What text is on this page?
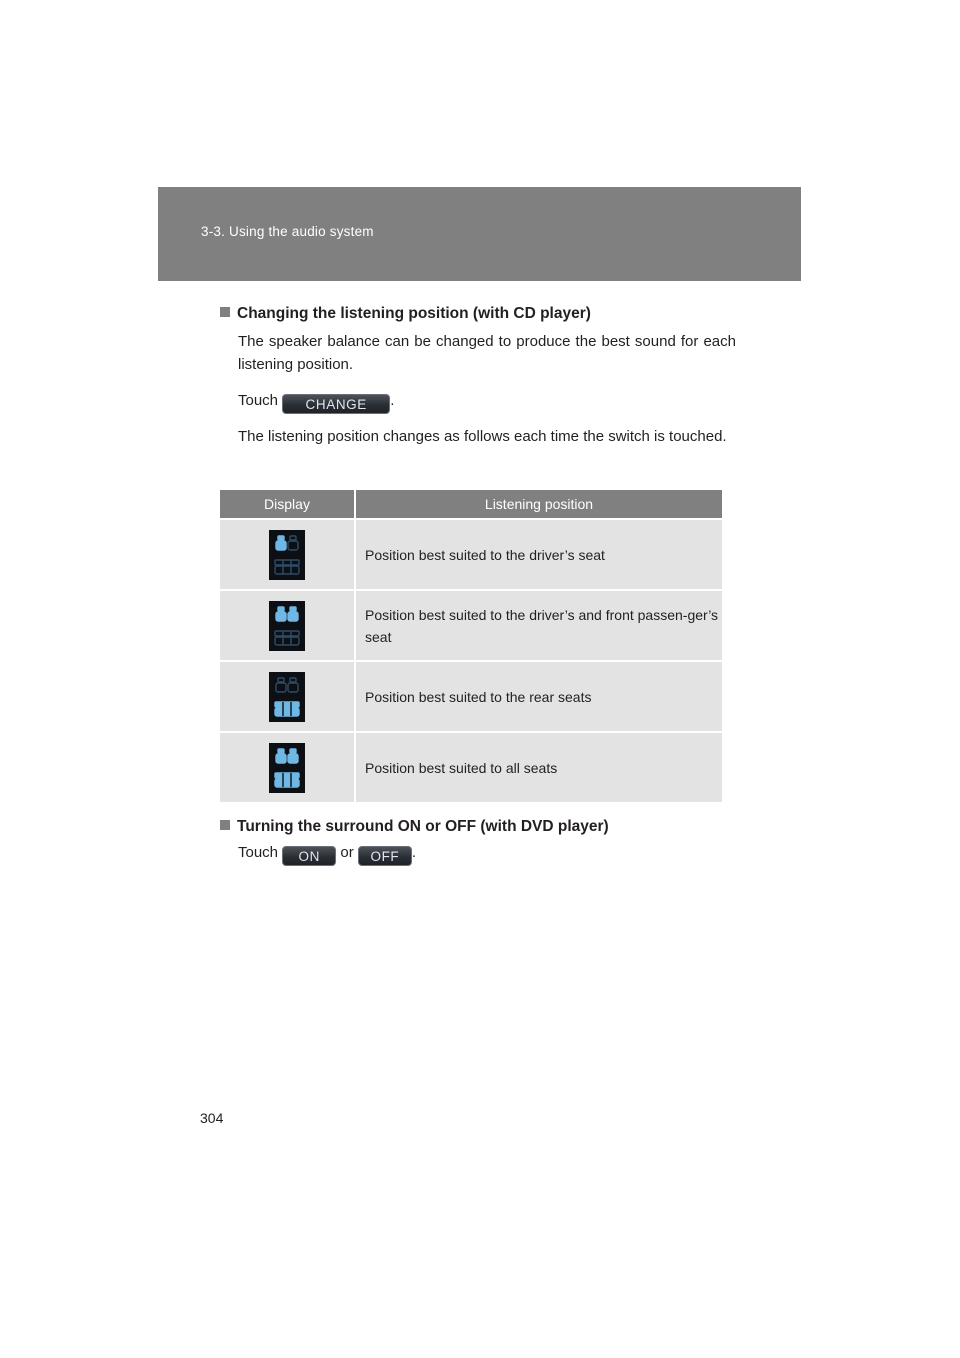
3-3. Using the audio system
Changing the listening position (with CD player)
The speaker balance can be changed to produce the best sound for each listening position.
Touch CHANGE .
The listening position changes as follows each time the switch is touched.
Display	Listening position
	Position best suited to the driver’s seat
	Position best suited to the driver’s and front passen-ger’s seat
	Position best suited to the rear seats
	Position best suited to all seats
Turning the surround ON or OFF (with DVD player)
Touch ON or OFF .
304
